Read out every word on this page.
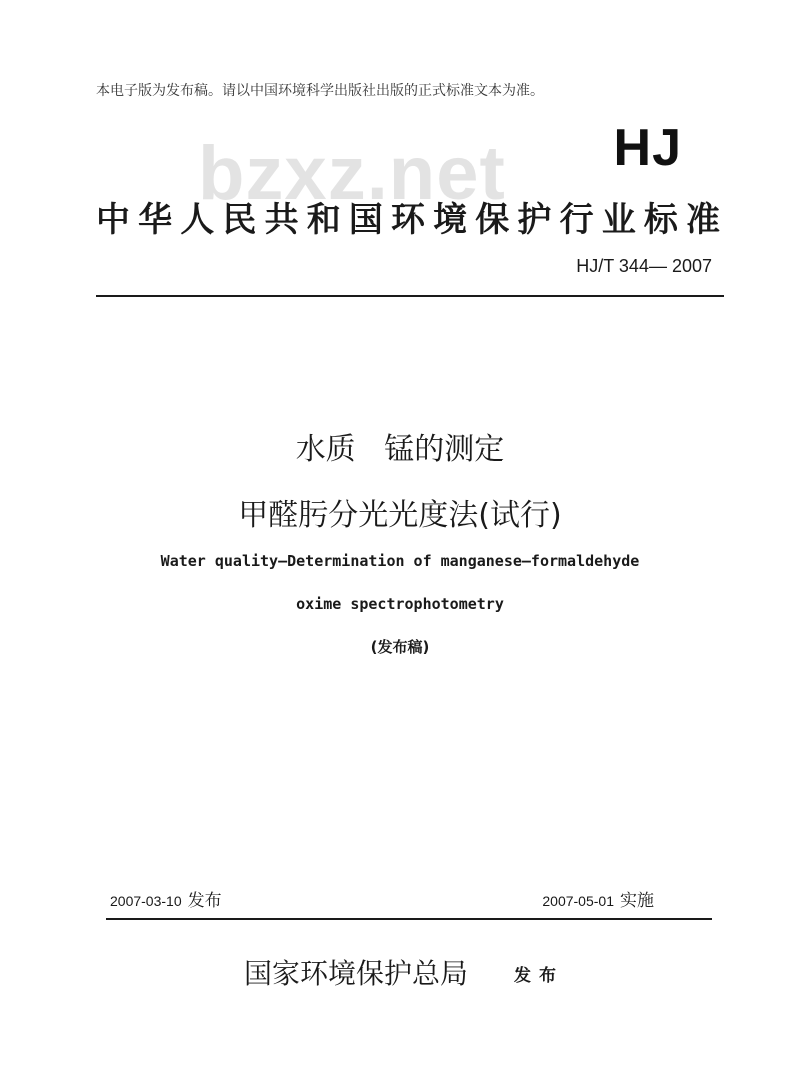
本电子版为发布稿。请以中国环境科学出版社出版的正式标准文本为准。
bzxz.net HJ
中华人民共和国环境保护行业标准
HJ/T 344— 2007
水质   锰的测定
甲醛肟分光光度法(试行)
Water quality—Determination of manganese—formaldehyde
oxime spectrophotometry
(发布稿)
2007-03-10 发布	2007-05-01 实施
国家环境保护总局	发布
